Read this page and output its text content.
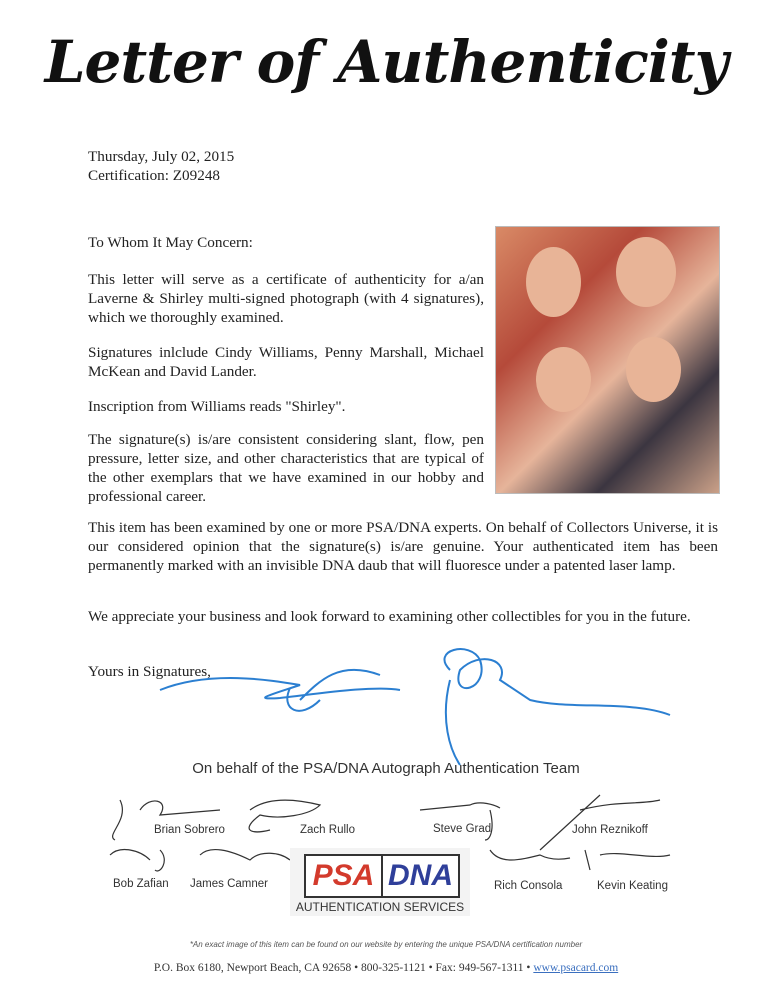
Letter of Authenticity
Thursday, July 02, 2015
Certification: Z09248
To Whom It May Concern:
This letter will serve as a certificate of authenticity for a/an Laverne & Shirley multi-signed photograph (with 4 signatures), which we thoroughly examined.
Signatures inlclude Cindy Williams, Penny Marshall, Michael McKean and David Lander.
Inscription from Williams reads "Shirley".
The signature(s) is/are consistent considering slant, flow, pen pressure, letter size, and other characteristics that are typical of the other exemplars that we have examined in our hobby and professional career.
This item has been examined by one or more PSA/DNA experts. On behalf of Collectors Universe, it is our considered opinion that the signature(s) is/are genuine. Your authenticated item has been permanently marked with an invisible DNA daub that will fluoresce under a patented laser lamp.
We appreciate your business and look forward to examining other collectibles for you in the future.
Yours in Signatures,
On behalf of the PSA/DNA Autograph Authentication Team
Brian Sobrero	Zach Rullo	Steve Grad	John Reznikoff
Bob Zafian James Camner	Rich Consola	Kevin Keating
PSA DNA
AUTHENTICATION SERVICES
*An exact image of this item can be found on our website by entering the unique PSA/DNA certification number
P.O. Box 6180, Newport Beach, CA 92658 • 800-325-1121 • Fax: 949-567-1311 • www.psacard.com
